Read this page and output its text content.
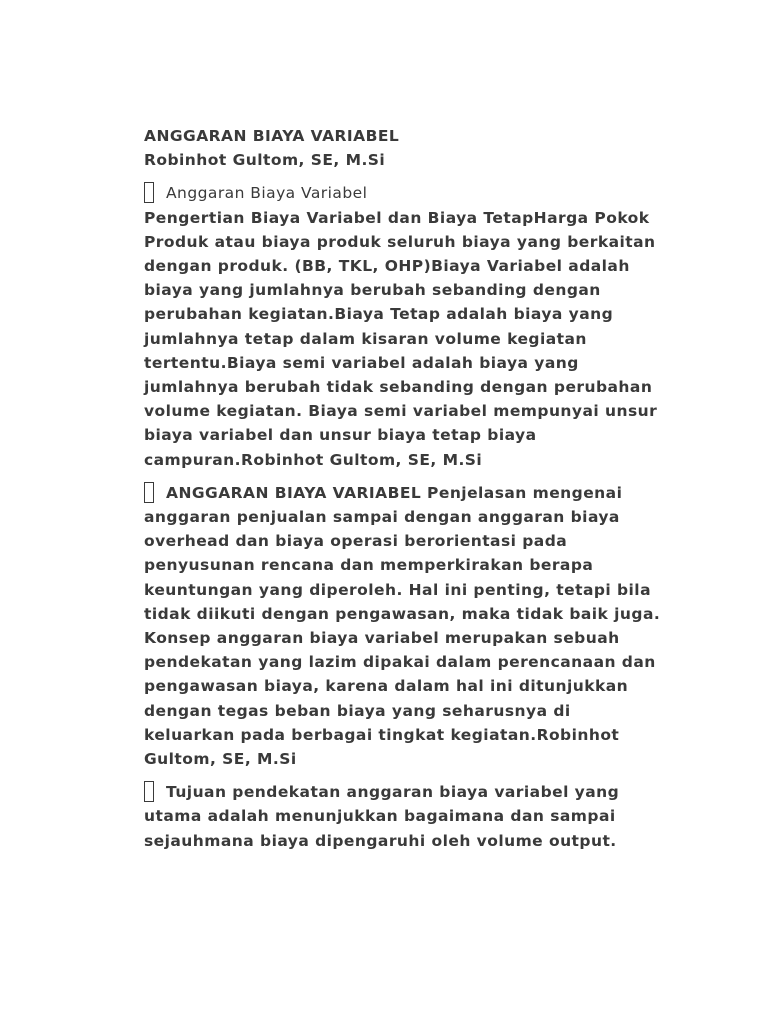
ANGGARAN BIAYA VARIABEL
Robinhot Gultom, SE, M.Si
Anggaran Biaya Variabel
Pengertian Biaya Variabel dan Biaya TetapHarga Pokok Produk atau biaya produk seluruh biaya yang berkaitan dengan produk. (BB, TKL, OHP)Biaya Variabel adalah biaya yang jumlahnya berubah sebanding dengan perubahan kegiatan.Biaya Tetap adalah biaya yang jumlahnya tetap dalam kisaran volume kegiatan tertentu.Biaya semi variabel adalah biaya yang jumlahnya berubah tidak sebanding dengan perubahan volume kegiatan. Biaya semi variabel mempunyai unsur biaya variabel dan unsur biaya tetap biaya campuran.Robinhot Gultom, SE, M.Si
ANGGARAN BIAYA VARIABEL Penjelasan mengenai anggaran penjualan sampai dengan anggaran biaya overhead dan biaya operasi berorientasi pada penyusunan rencana dan memperkirakan berapa keuntungan yang diperoleh. Hal ini penting, tetapi bila tidak diikuti dengan pengawasan, maka tidak baik juga. Konsep anggaran biaya variabel merupakan sebuah pendekatan yang lazim dipakai dalam perencanaan dan pengawasan biaya, karena dalam hal ini ditunjukkan dengan tegas beban biaya yang seharusnya di keluarkan pada berbagai tingkat kegiatan.Robinhot Gultom, SE, M.Si
Tujuan pendekatan anggaran biaya variabel yang utama adalah menunjukkan bagaimana dan sampai sejauhmana biaya dipengaruhi oleh volume output.
